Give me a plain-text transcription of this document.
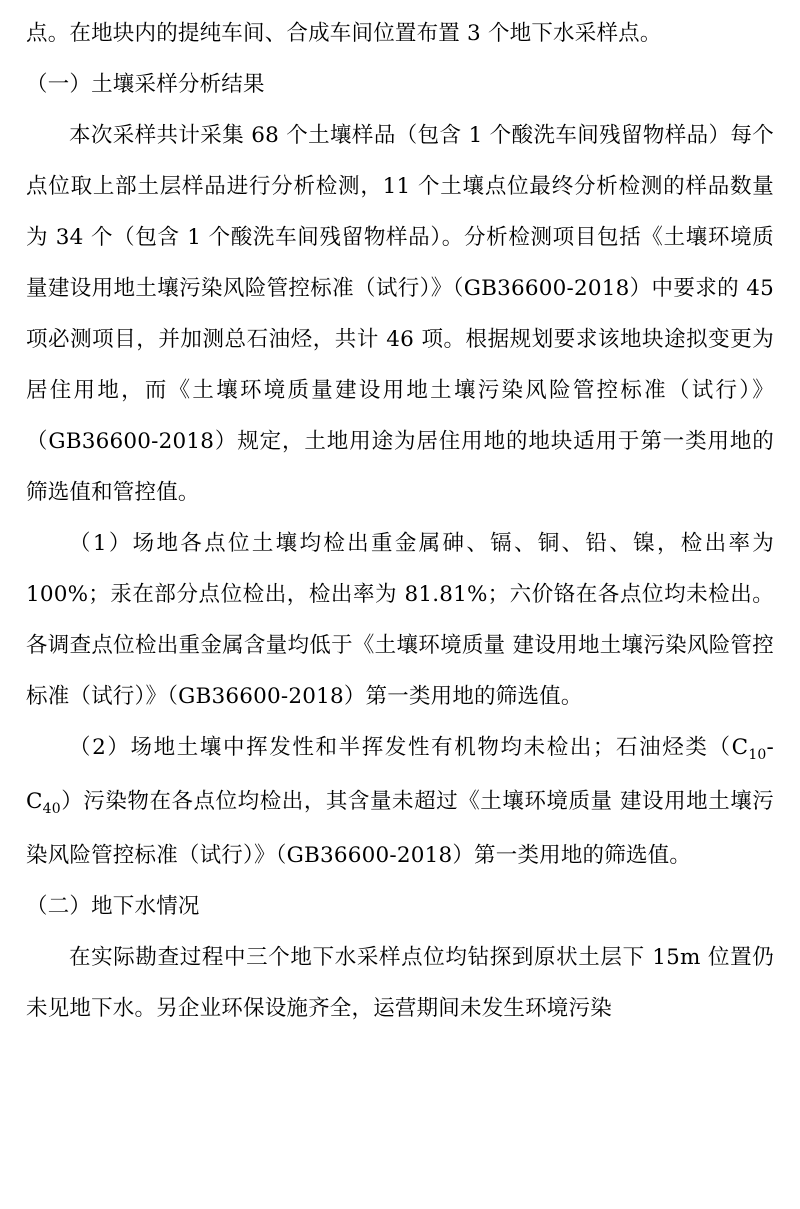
点。在地块内的提纯车间、合成车间位置布置 3 个地下水采样点。

（一）土壤采样分析结果

本次采样共计采集 68 个土壤样品（包含 1 个酸洗车间残留物样品）每个点位取上部土层样品进行分析检测，11 个土壤点位最终分析检测的样品数量为 34 个（包含 1 个酸洗车间残留物样品）。分析检测项目包括《土壤环境质量建设用地土壤污染风险管控标准（试行）》（GB36600-2018）中要求的 45 项必测项目，并加测总石油烃，共计 46 项。根据规划要求该地块途拟变更为居住用地，而《土壤环境质量建设用地土壤污染风险管控标准（试行）》（GB36600-2018）规定，土地用途为居住用地的地块适用于第一类用地的筛选值和管控值。

（1）场地各点位土壤均检出重金属砷、镉、铜、铅、镍，检出率为 100%；汞在部分点位检出，检出率为 81.81%；六价铬在各点位均未检出。各调查点位检出重金属含量均低于《土壤环境质量 建设用地土壤污染风险管控标准（试行）》（GB36600-2018）第一类用地的筛选值。

（2）场地土壤中挥发性和半挥发性有机物均未检出；石油烃类$(C_{10}-C_{40})$污染物在各点位均检出，其含量未超过《土壤环境质量 建设用地土壤污染风险管控标准（试行）》（GB36600-2018）第一类用地的筛选值。

（二）地下水情况

在实际勘查过程中三个地下水采样点位均钻探到原状土层下 15m 位置仍未见地下水。另企业环保设施齐全，运营期间未发生环境污染
